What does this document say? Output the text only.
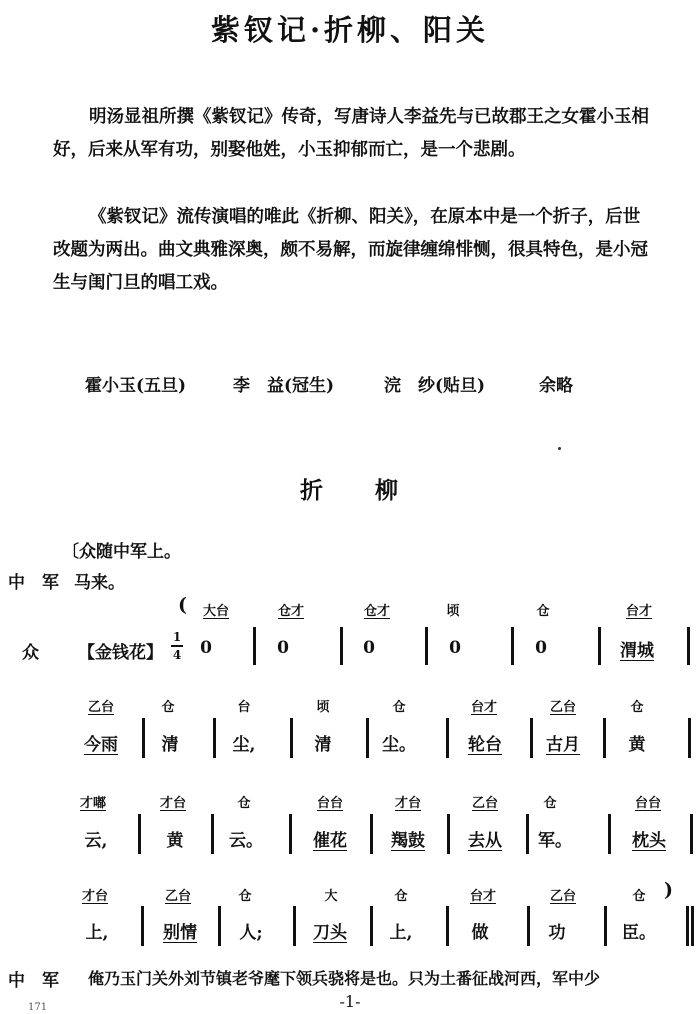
紫钗记·折柳、阳关
明汤显祖所撰《紫钗记》传奇，写唐诗人李益先与已故郡王之女霍小玉相好，后来从军有功，别娶他姓，小玉抑郁而亡，是一个悲剧。
《紫钗记》流传演唱的唯此《折柳、阳关》，在原本中是一个折子，后世改题为两出。曲文典雅深奥，颇不易解，而旋律缠绵悱恻，很具特色，是小冠生与闺门旦的唱工戏。
霍小玉(五旦)	李　益(冠生)	浣　纱(贴旦)	余略
折　　柳
〔众随中军上。
中　军 马来。
(	大台	仓才	仓才	顷	仓	台才
众 【金钱花】
1
4	0	0	0	0	0	渭城
乙台	仓	台	顷	仓	台才	乙台	仓
今雨	清	尘,	清	尘。	轮台	古月	黄
才嘟	才台	仓	台台	才台	乙台	仓	台台
云,	黄	云。	催花	羯鼓	去从	军。	枕头
才台	乙台	仓	大	仓	台才	乙台	仓 )
上,	别情	人;	刀头	上,	做	功	臣。
中　军 俺乃玉门关外刘节镇老爷麾下领兵骁将是也。只为土番征战河西，军中少
-1-
171
